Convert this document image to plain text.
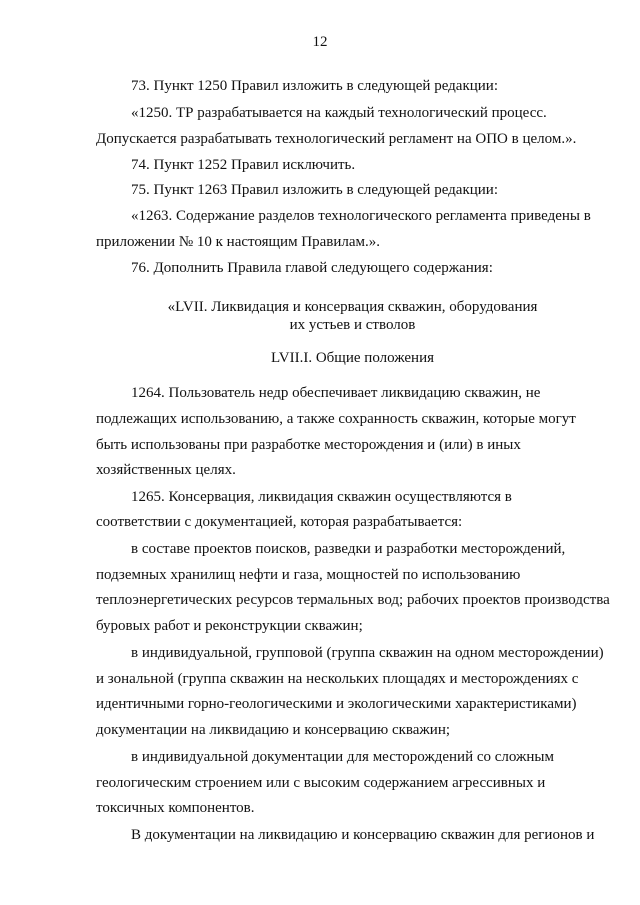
12
73. Пункт 1250 Правил изложить в следующей редакции:
«1250. ТР разрабатывается на каждый технологический процесс.
Допускается разрабатывать технологический регламент на ОПО в целом.».
74. Пункт 1252 Правил исключить.
75. Пункт 1263 Правил изложить в следующей редакции:
«1263. Содержание разделов технологического регламента приведены в
приложении № 10 к настоящим Правилам.».
76. Дополнить Правила главой следующего содержания:
«LVII. Ликвидация и консервация скважин, оборудования
их устьев и стволов
LVII.I. Общие положения
1264. Пользователь недр обеспечивает ликвидацию скважин, не
подлежащих использованию, а также сохранность скважин, которые могут
быть использованы при разработке месторождения и (или) в иных
хозяйственных целях.
1265. Консервация, ликвидация скважин осуществляются в
соответствии с документацией, которая разрабатывается:
в составе проектов поисков, разведки и разработки месторождений,
подземных хранилищ нефти и газа, мощностей по использованию
теплоэнергетических ресурсов термальных вод; рабочих проектов производства
буровых работ и реконструкции скважин;
в индивидуальной, групповой (группа скважин на одном месторождении)
и зональной (группа скважин на нескольких площадях и месторождениях с
идентичными горно-геологическими и экологическими характеристиками)
документации на ликвидацию и консервацию скважин;
в индивидуальной документации для месторождений со сложным
геологическим строением или с высоким содержанием агрессивных и
токсичных компонентов.
В документации на ликвидацию и консервацию скважин для регионов и
